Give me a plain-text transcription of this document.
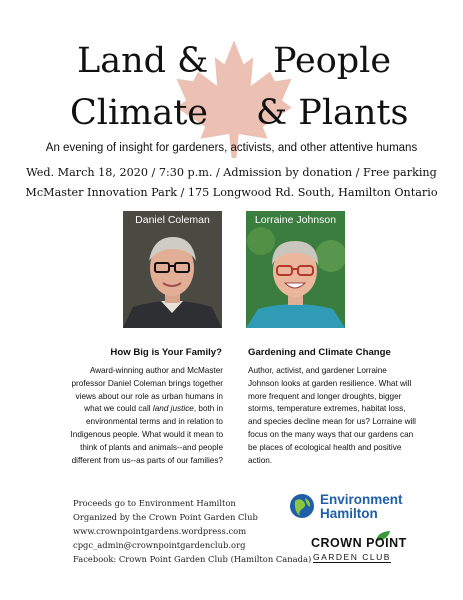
Land & People
Climate & Plants
An evening of insight for gardeners, activists, and other attentive humans
Wed. March 18, 2020 / 7:30 p.m. / Admission by donation / Free parking
McMaster Innovation Park / 175 Longwood Rd. South, Hamilton Ontario
Daniel Coleman	Lorraine Johnson
How Big is Your Family?
Award-winning author and McMaster professor Daniel Coleman brings together views about our role as urban humans in what we could call land justice, both in environmental terms and in relation to Indigenous people. What would it mean to think of plants and animals--and people different from us--as parts of our families?
Gardening and Climate Change
Author, activist, and gardener Lorraine Johnson looks at garden resilience. What will more frequent and longer droughts, bigger storms, temperature extremes, habitat loss, and species decline mean for us? Lorraine will focus on the many ways that our gardens can be places of ecological health and positive action.
Proceeds go to Environment Hamilton
Organized by the Crown Point Garden Club
www.crownpointgardens.wordpress.com
cpgc_admin@crownpointgardenclub.org
Facebook: Crown Point Garden Club (Hamilton Canada)
Environment
Hamilton
CROWN POINT
GARDEN CLUB
